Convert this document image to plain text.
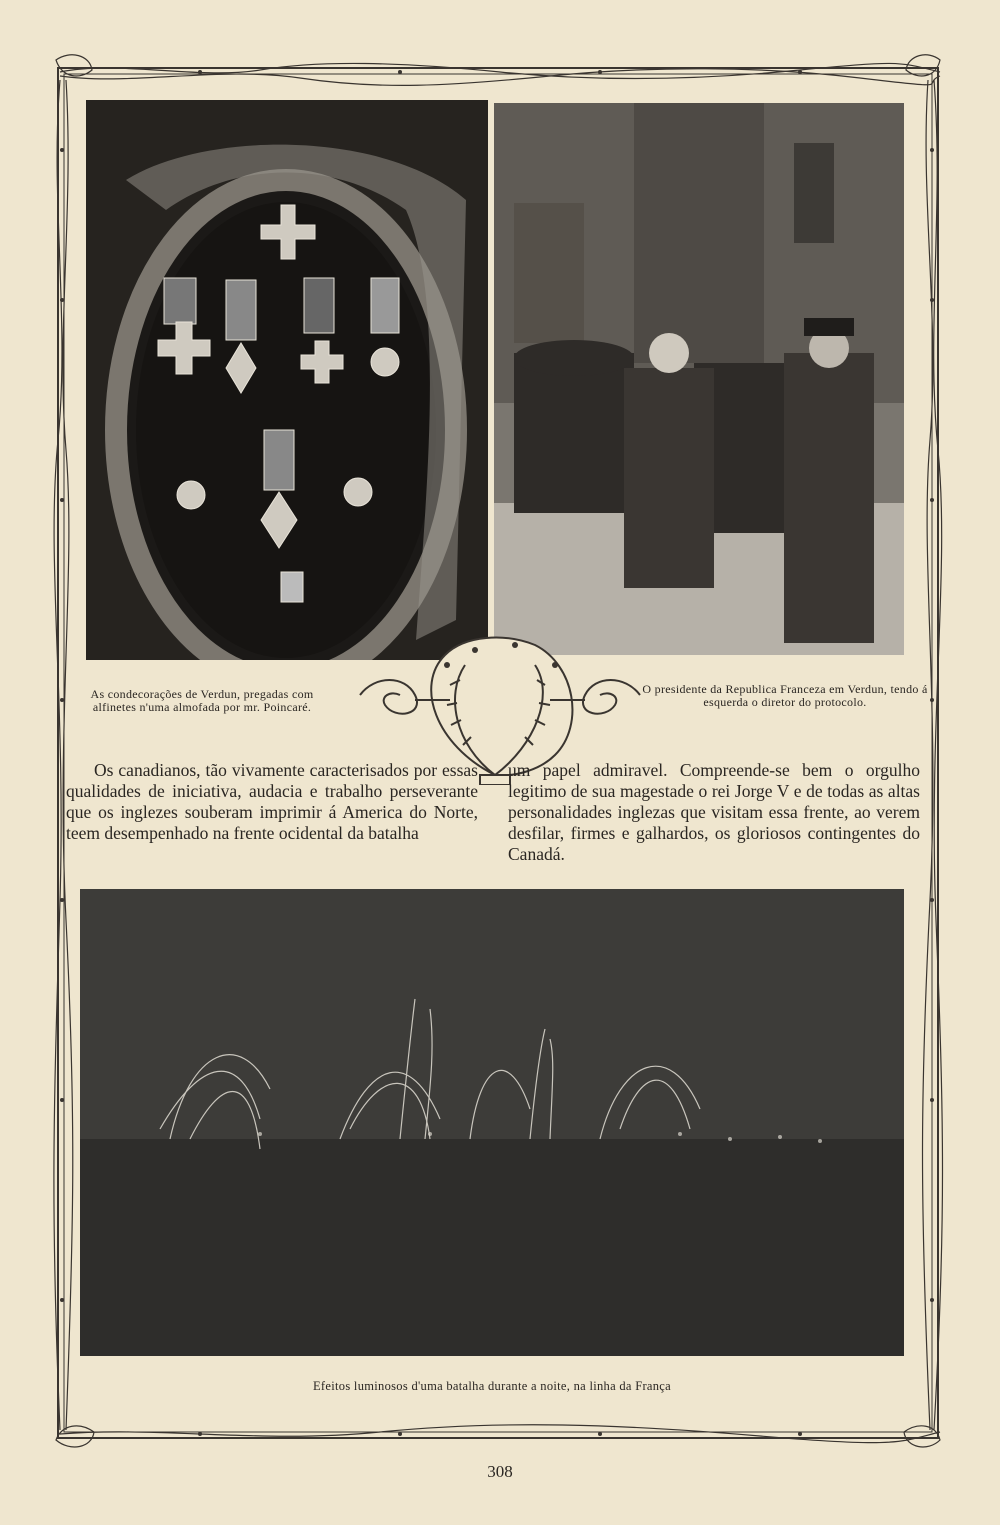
As condecorações de Verdun, pregadas com alfinetes n'uma almofada por mr. Poincaré.
O presidente da Republica Franceza em Verdun, tendo á esquerda o diretor do protocolo.

Os canadianos, tão vivamente caracterisados por essas qualidades de iniciativa, audacia e trabalho perseverante que os inglezes souberam imprimir á America do Norte, teem desempenhado na frente ocidental da batalha

um papel admiravel. Compreende-se bem o orgulho legitimo de sua magestade o rei Jorge V e de todas as altas personalidades inglezas que visitam essa frente, ao verem desfilar, firmes e galhardos, os gloriosos contingentes do Canadá.

Efeitos luminosos d'uma batalha durante a noite, na linha da França
308
